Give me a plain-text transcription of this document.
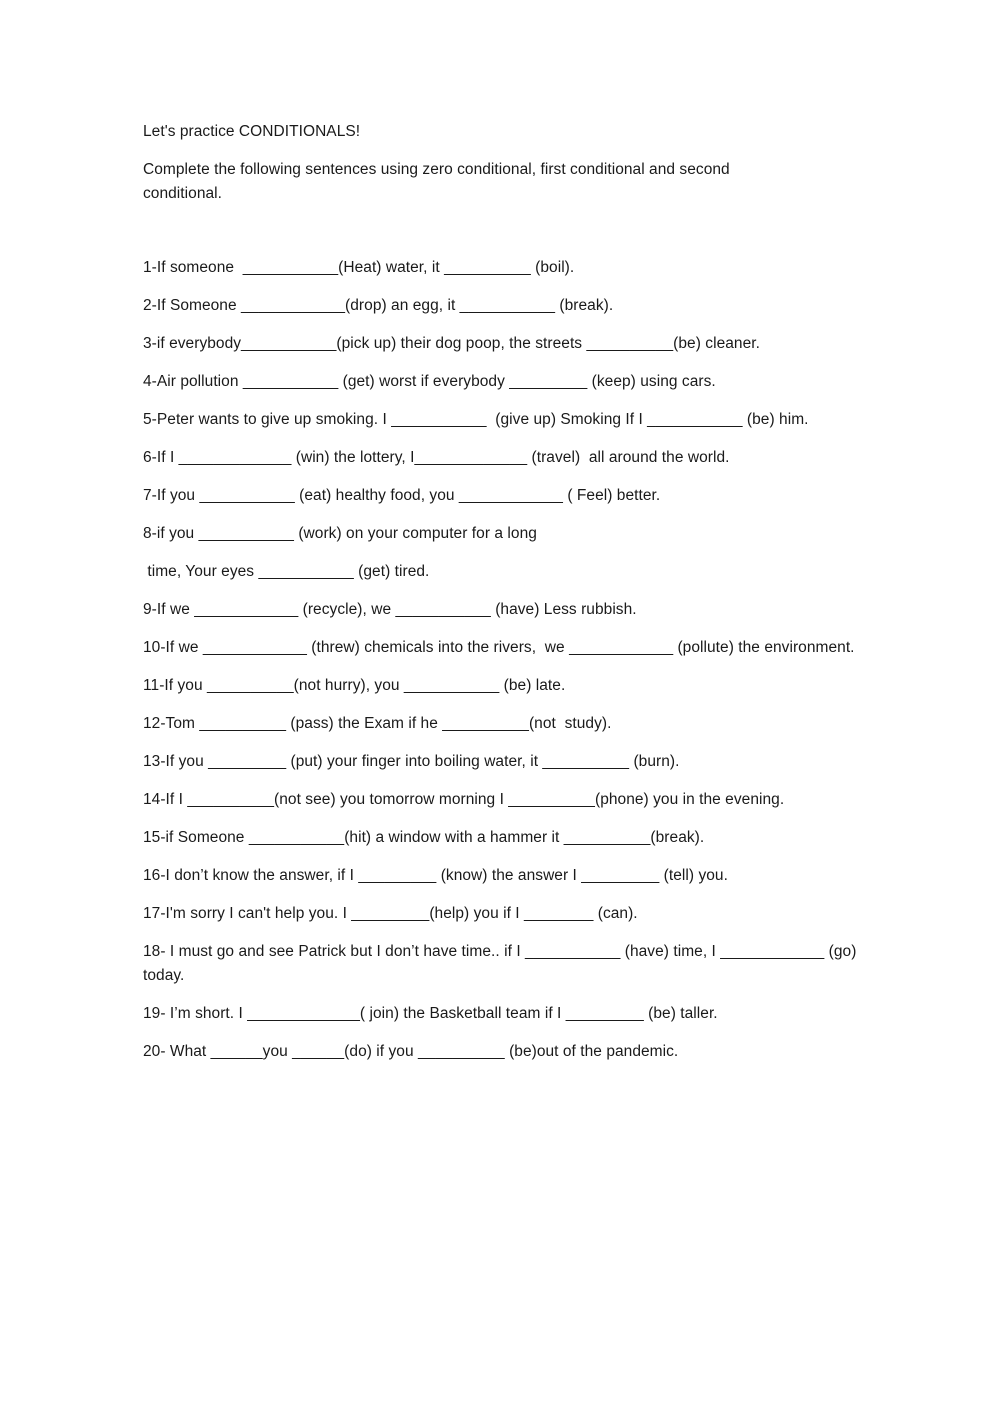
Let's practice CONDITIONALS!

Complete the following sentences using zero conditional, first conditional and second conditional.

1-If someone  ___________(Heat) water, it __________ (boil).

2-If Someone ____________(drop) an egg, it ___________ (break).

3-if everybody___________(pick up) their dog poop, the streets __________(be) cleaner.

4-Air pollution ___________ (get) worst if everybody _________ (keep) using cars.

5-Peter wants to give up smoking. I ___________  (give up) Smoking If I ___________ (be) him.

6-If I _____________ (win) the lottery, I_____________ (travel)  all around the world.

7-If you ___________ (eat) healthy food, you ____________ ( Feel) better.

8-if you ___________ (work) on your computer for a long

time, Your eyes ___________ (get) tired.

9-If we ____________ (recycle), we ___________ (have) Less rubbish.

10-If we ____________ (threw) chemicals into the rivers,  we ____________ (pollute) the environment.

11-If you __________(not hurry), you ___________ (be) late.

12-Tom __________ (pass) the Exam if he __________(not  study).

13-If you _________ (put) your finger into boiling water, it __________ (burn).

14-If I __________(not see) you tomorrow morning I __________(phone) you in the evening.

15-if Someone ___________(hit) a window with a hammer it __________(break).

16-I don’t know the answer, if I _________ (know) the answer I _________ (tell) you.

17-I'm sorry I can't help you. I _________(help) you if I ________ (can).

18- I must go and see Patrick but I don’t have time.. if I ___________ (have) time, I ____________ (go) today.

19- I’m short. I _____________( join) the Basketball team if I _________ (be) taller.

20- What ______you ______(do) if you __________ (be)out of the pandemic.
